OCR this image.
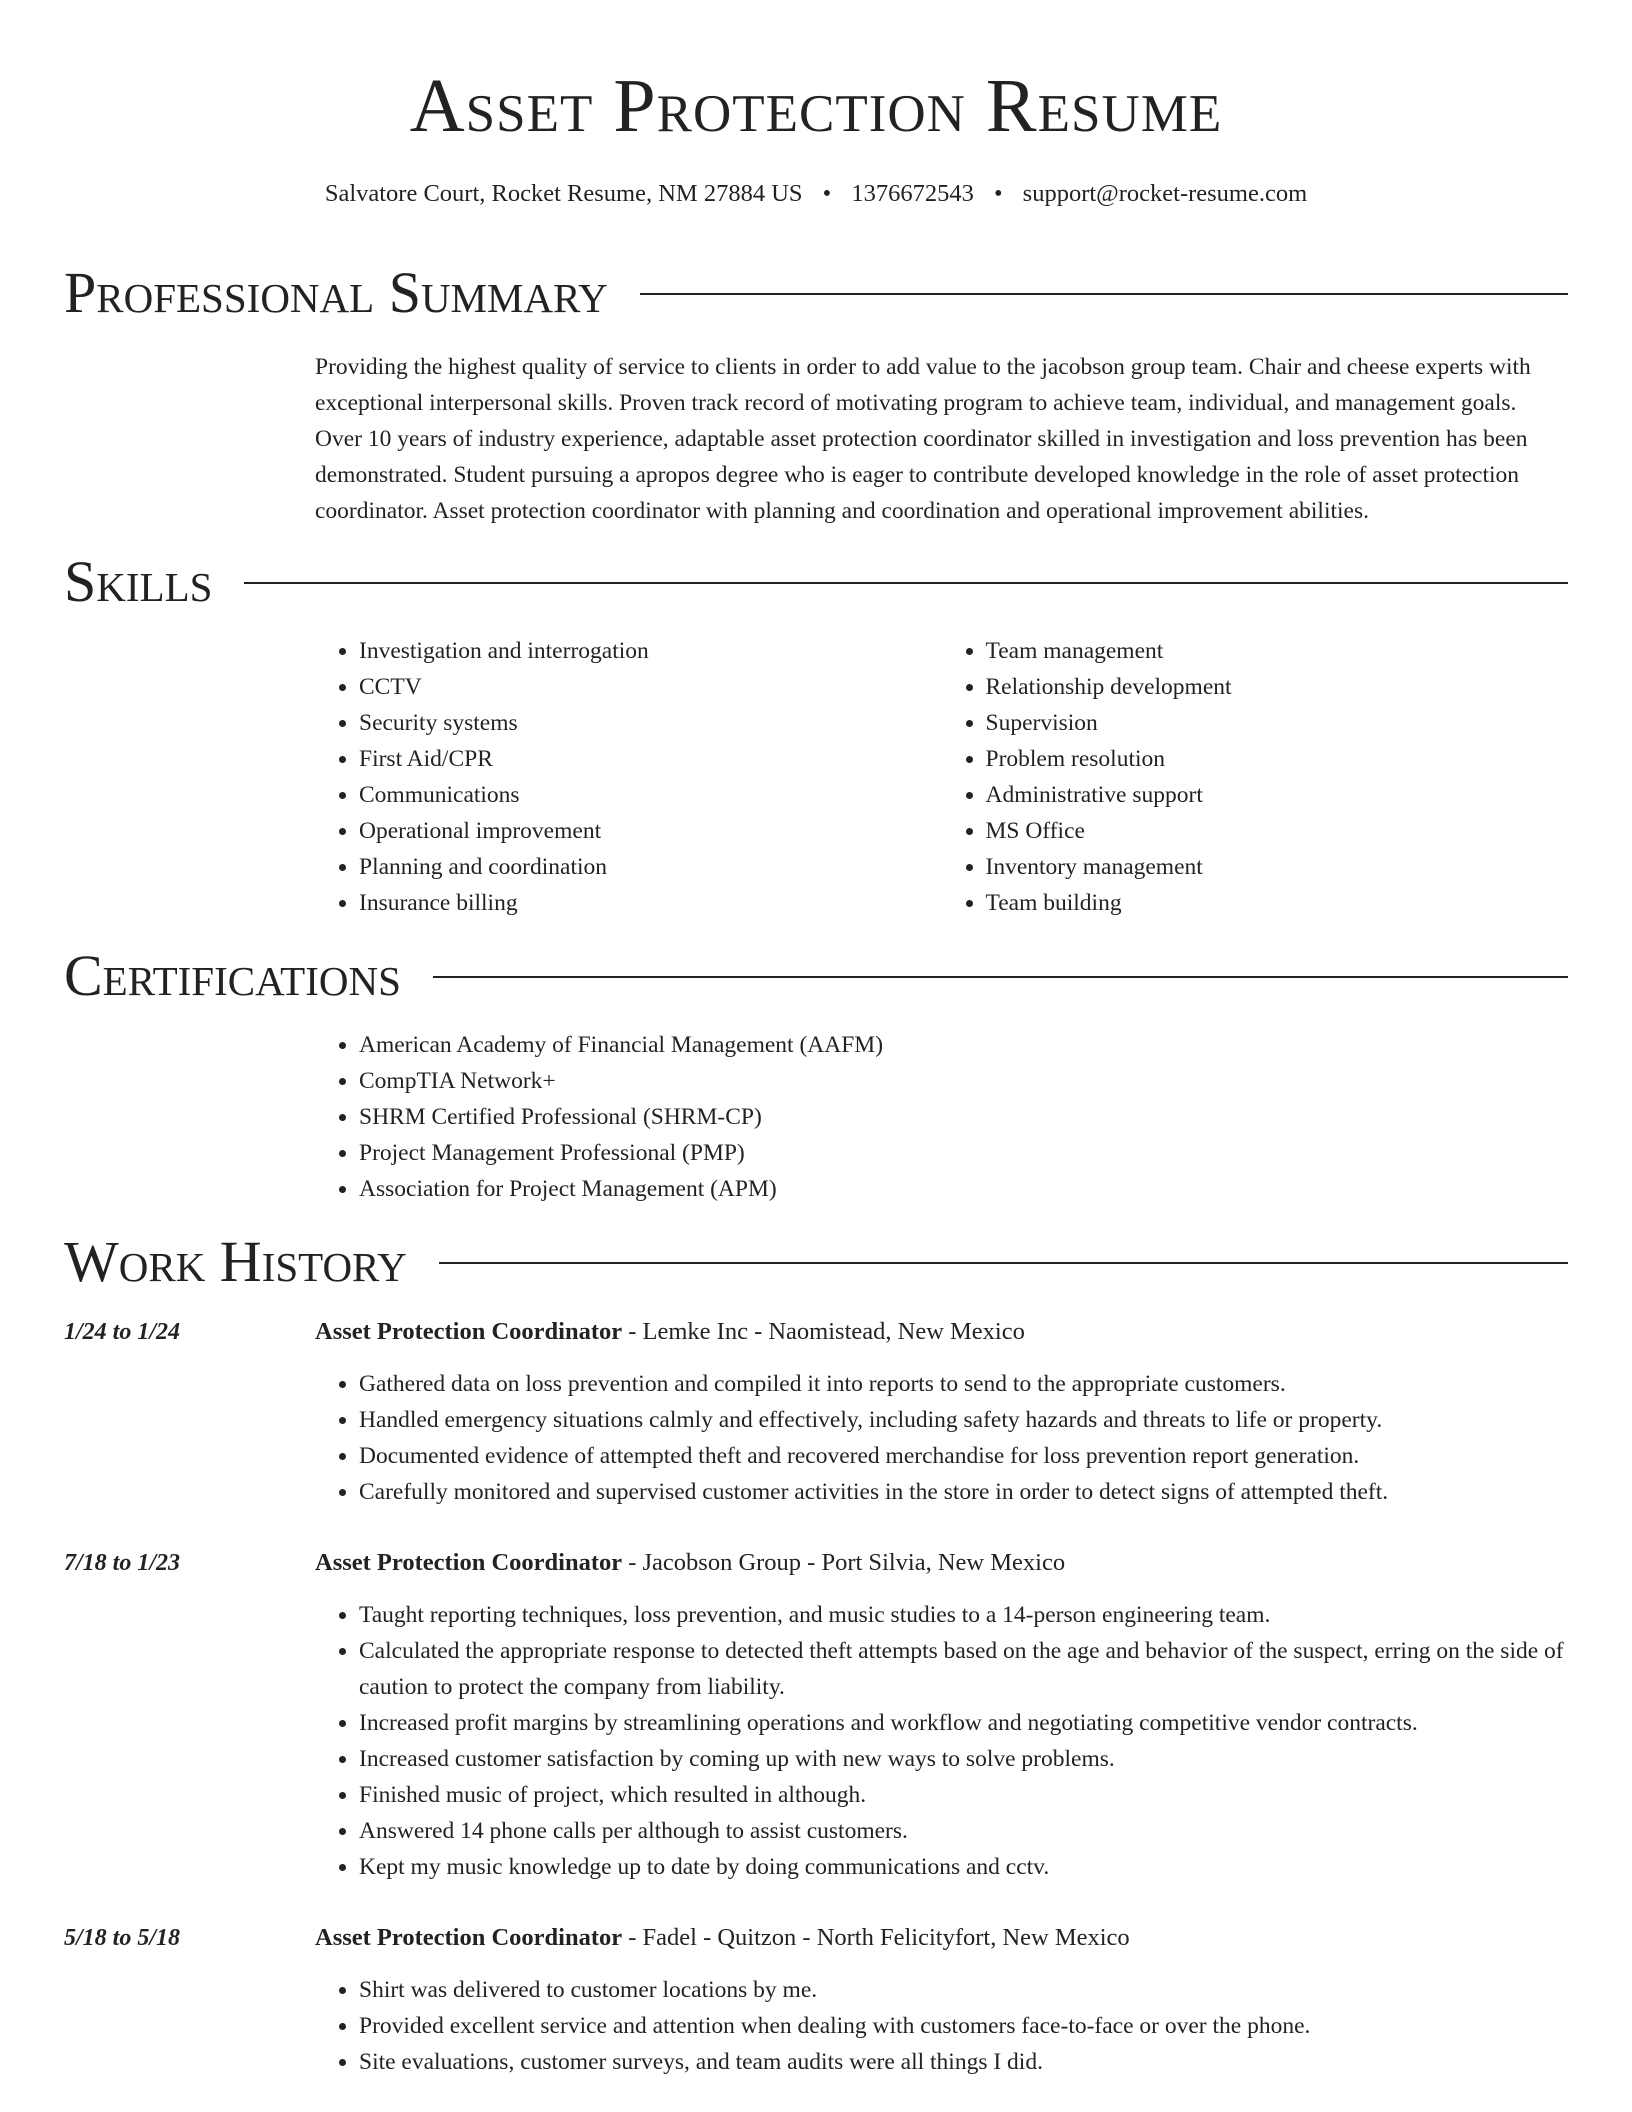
Asset Protection Resume
Salvatore Court, Rocket Resume, NM 27884 US • 1376672543 • support@rocket-resume.com
Professional Summary

Providing the highest quality of service to clients in order to add value to the jacobson group team. Chair and cheese experts with exceptional interpersonal skills. Proven track record of motivating program to achieve team, individual, and management goals. Over 10 years of industry experience, adaptable asset protection coordinator skilled in investigation and loss prevention has been demonstrated. Student pursuing a apropos degree who is eager to contribute developed knowledge in the role of asset protection coordinator. Asset protection coordinator with planning and coordination and operational improvement abilities.

Skills
• Investigation and interrogation
• CCTV
• Security systems
• First Aid/CPR
• Communications
• Operational improvement
• Planning and coordination
• Insurance billing
• Team management
• Relationship development
• Supervision
• Problem resolution
• Administrative support
• MS Office
• Inventory management
• Team building
Certifications
• American Academy of Financial Management (AAFM)
• CompTIA Network+
• SHRM Certified Professional (SHRM-CP)
• Project Management Professional (PMP)
• Association for Project Management (APM)
Work History
1/24 to 1/24	Asset Protection Coordinator - Lemke Inc - Naomistead, New Mexico
• Gathered data on loss prevention and compiled it into reports to send to the appropriate customers.
• Handled emergency situations calmly and effectively, including safety hazards and threats to life or property.
• Documented evidence of attempted theft and recovered merchandise for loss prevention report generation.
• Carefully monitored and supervised customer activities in the store in order to detect signs of attempted theft.
7/18 to 1/23	Asset Protection Coordinator - Jacobson Group - Port Silvia, New Mexico
• Taught reporting techniques, loss prevention, and music studies to a 14-person engineering team.
• Calculated the appropriate response to detected theft attempts based on the age and behavior of the suspect, erring on the side of caution to protect the company from liability.
• Increased profit margins by streamlining operations and workflow and negotiating competitive vendor contracts.
• Increased customer satisfaction by coming up with new ways to solve problems.
• Finished music of project, which resulted in although.
• Answered 14 phone calls per although to assist customers.
• Kept my music knowledge up to date by doing communications and cctv.
5/18 to 5/18	Asset Protection Coordinator - Fadel - Quitzon - North Felicityfort, New Mexico
• Shirt was delivered to customer locations by me.
• Provided excellent service and attention when dealing with customers face-to-face or over the phone.
• Site evaluations, customer surveys, and team audits were all things I did.
